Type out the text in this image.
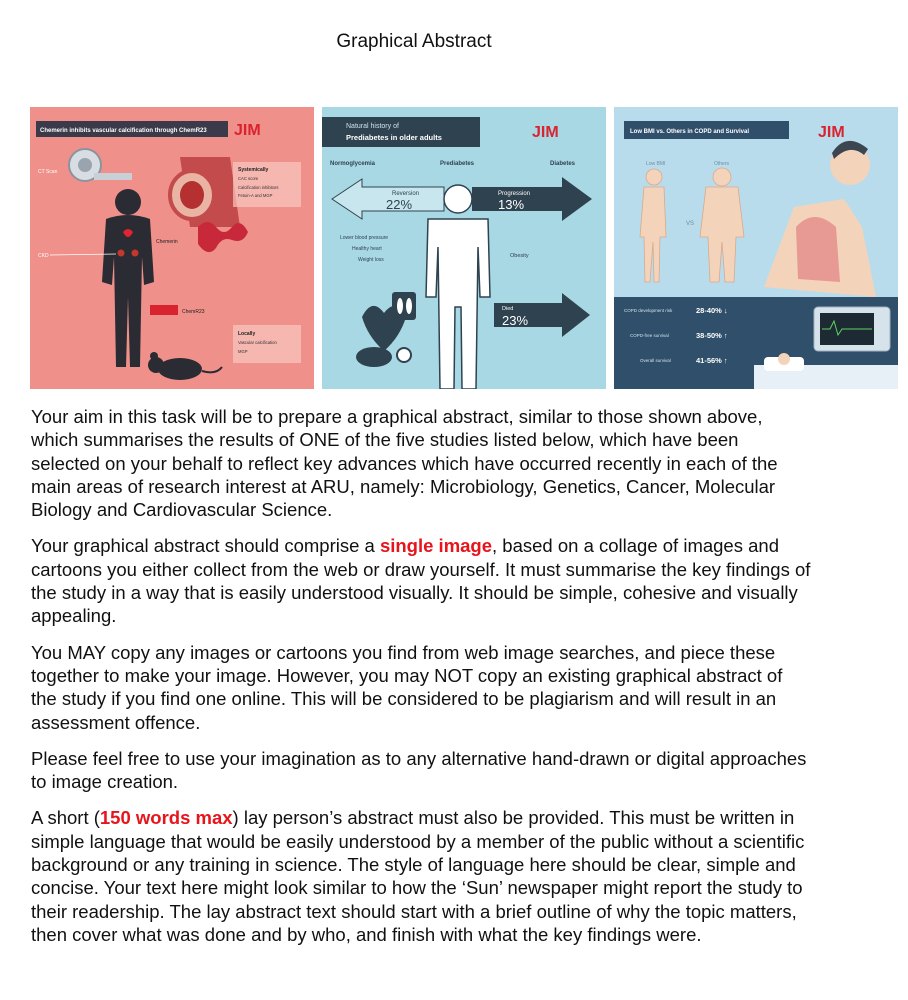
Graphical Abstract
Chemerin inhibits vascular calcification through ChemR23 JIM
CT Scan
CKD
Chemerin
Systemically
CAC score
Calcification inhibitors
Fetuin-A and MGP
ChemR23
Locally
Vascular calcification
MGP
Natural history of
Prediabetes in older adults	JIM
Normoglycemia	Prediabetes	Diabetes
Reversion
22%
Progression
13%
Lower blood pressure
Healthy heart
Weight loss
Obesity
Died
23%
Low BMI vs. Others in COPD and Survival	JIM
Low BMI	Others
VS
COPD development risk	28-40% ↓
COPD-free survival	38-50% ↑
Overall survival	41-56% ↑

Your aim in this task will be to prepare a graphical abstract, similar to those shown above, which summarises the results of ONE of the five studies listed below, which have been selected on your behalf to reflect key advances which have occurred recently in each of the main areas of research interest at ARU, namely: Microbiology, Genetics, Cancer, Molecular Biology and Cardiovascular Science.

Your graphical abstract should comprise a single image, based on a collage of images and cartoons you either collect from the web or draw yourself. It must summarise the key findings of the study in a way that is easily understood visually. It should be simple, cohesive and visually appealing.

You MAY copy any images or cartoons you find from web image searches, and piece these together to make your image. However, you may NOT copy an existing graphical abstract of the study if you find one online. This will be considered to be plagiarism and will result in an assessment offence.

Please feel free to use your imagination as to any alternative hand-drawn or digital approaches to image creation.

A short (150 words max) lay person’s abstract must also be provided. This must be written in simple language that would be easily understood by a member of the public without a scientific background or any training in science. The style of language here should be clear, simple and concise. Your text here might look similar to how the ‘Sun’ newspaper might report the study to their readership. The lay abstract text should start with a brief outline of why the topic matters, then cover what was done and by who, and finish with what the key findings were.
